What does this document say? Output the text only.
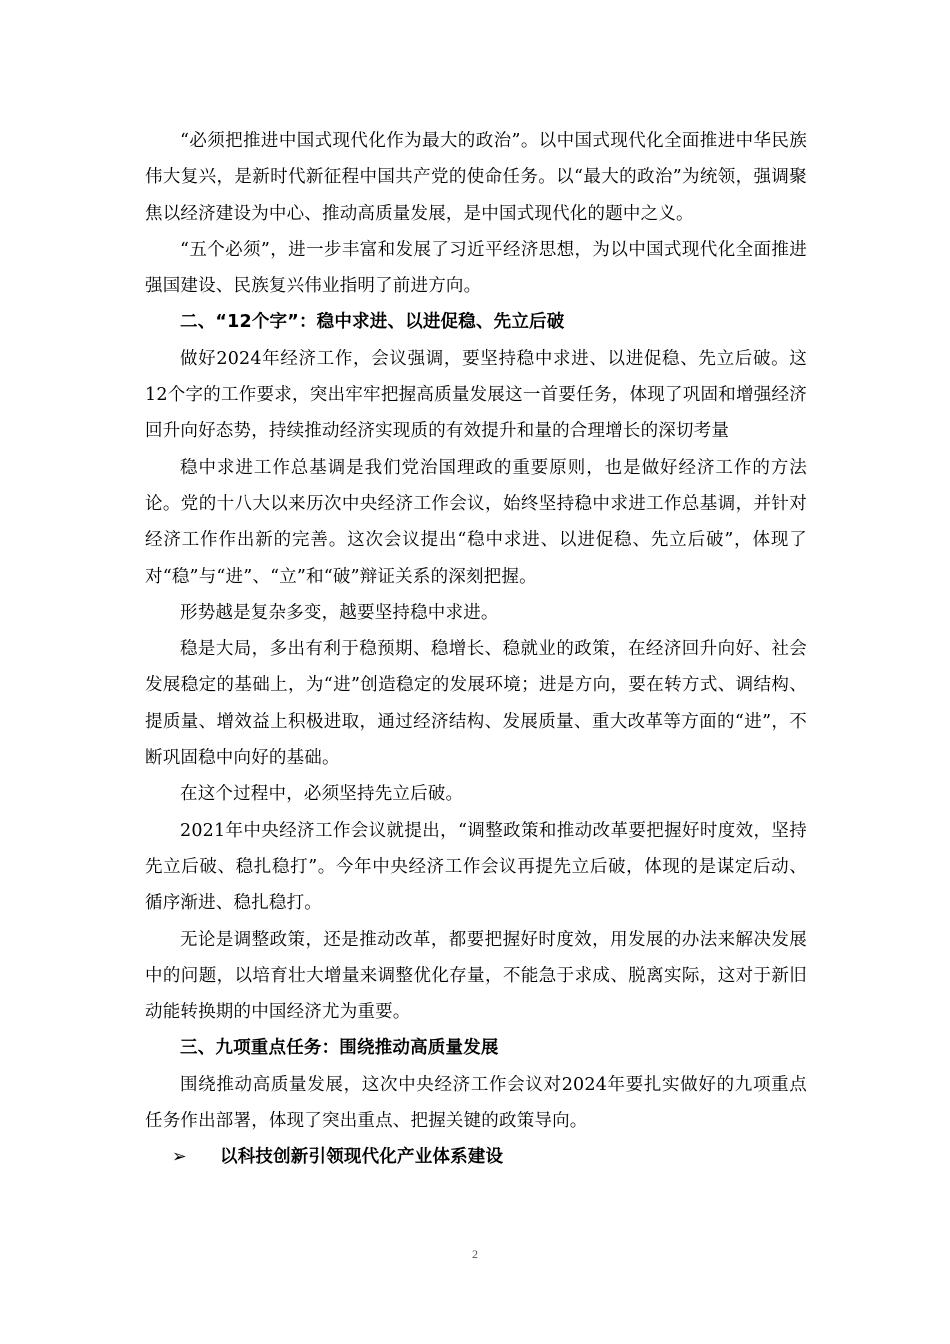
“必须把推进中国式现代化作为最大的政治”。以中国式现代化全面推进中华民族伟大复兴，是新时代新征程中国共产党的使命任务。以“最大的政治”为统领，强调聚焦以经济建设为中心、推动高质量发展，是中国式现代化的题中之义。

“五个必须”，进一步丰富和发展了习近平经济思想，为以中国式现代化全面推进强国建设、民族复兴伟业指明了前进方向。

二、“12个字”：稳中求进、以进促稳、先立后破

做好2024年经济工作，会议强调，要坚持稳中求进、以进促稳、先立后破。这12个字的工作要求，突出牢牢把握高质量发展这一首要任务，体现了巩固和增强经济回升向好态势，持续推动经济实现质的有效提升和量的合理增长的深切考量

稳中求进工作总基调是我们党治国理政的重要原则，也是做好经济工作的方法论。党的十八大以来历次中央经济工作会议，始终坚持稳中求进工作总基调，并针对经济工作作出新的完善。这次会议提出“稳中求进、以进促稳、先立后破”，体现了对“稳”与“进”、“立”和“破”辩证关系的深刻把握。

形势越是复杂多变，越要坚持稳中求进。

稳是大局，多出有利于稳预期、稳增长、稳就业的政策，在经济回升向好、社会发展稳定的基础上，为“进”创造稳定的发展环境；进是方向，要在转方式、调结构、提质量、增效益上积极进取，通过经济结构、发展质量、重大改革等方面的“进”，不断巩固稳中向好的基础。

在这个过程中，必须坚持先立后破。

2021年中央经济工作会议就提出，“调整政策和推动改革要把握好时度效，坚持先立后破、稳扎稳打”。今年中央经济工作会议再提先立后破，体现的是谋定后动、循序渐进、稳扎稳打。

无论是调整政策，还是推动改革，都要把握好时度效，用发展的办法来解决发展中的问题，以培育壮大增量来调整优化存量，不能急于求成、脱离实际，这对于新旧动能转换期的中国经济尤为重要。

三、九项重点任务：围绕推动高质量发展

围绕推动高质量发展，这次中央经济工作会议对2024年要扎实做好的九项重点任务作出部署，体现了突出重点、把握关键的政策导向。

➢ 以科技创新引领现代化产业体系建设

2
